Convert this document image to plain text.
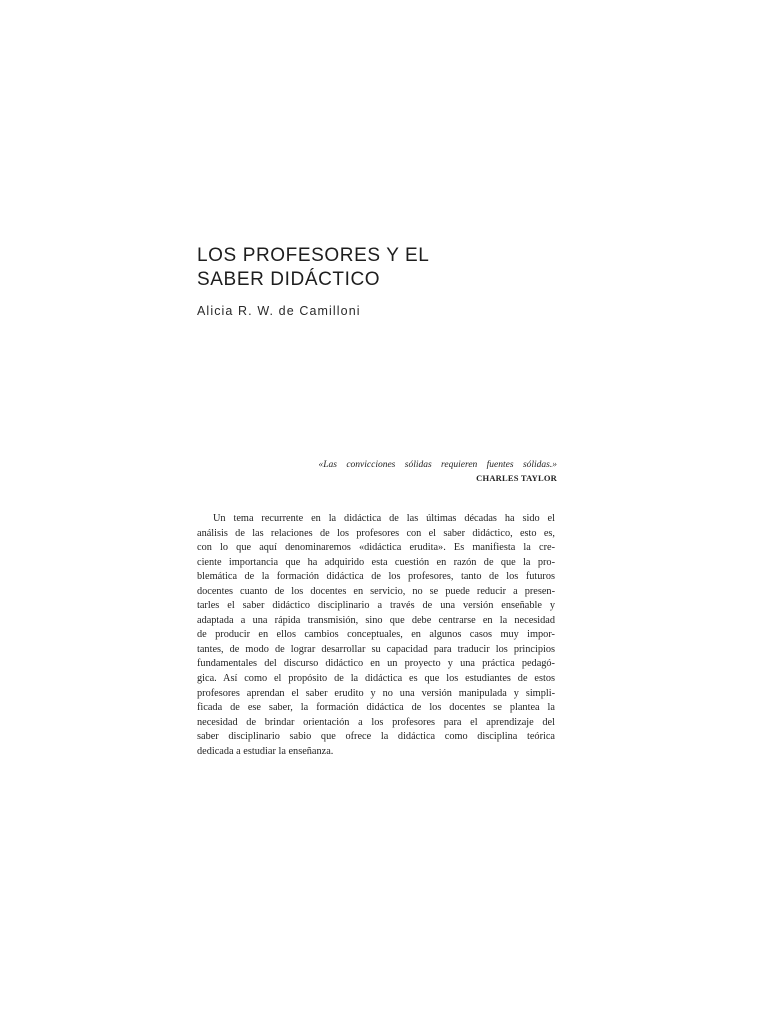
LOS PROFESORES Y EL
SABER DIDÁCTICO
Alicia R. W. de Camilloni
«Las convicciones sólidas requieren fuentes sólidas.»
CHARLES TAYLOR
Un tema recurrente en la didáctica de las últimas décadas ha sido el
análisis de las relaciones de los profesores con el saber didáctico, esto es,
con lo que aquí denominaremos «didáctica erudita». Es manifiesta la cre-
ciente importancia que ha adquirido esta cuestión en razón de que la pro-
blemática de la formación didáctica de los profesores, tanto de los futuros
docentes cuanto de los docentes en servicio, no se puede reducir a presen-
tarles el saber didáctico disciplinario a través de una versión enseñable y
adaptada a una rápida transmisión, sino que debe centrarse en la necesidad
de producir en ellos cambios conceptuales, en algunos casos muy impor-
tantes, de modo de lograr desarrollar su capacidad para traducir los principios
fundamentales del discurso didáctico en un proyecto y una práctica pedagó-
gica. Así como el propósito de la didáctica es que los estudiantes de estos
profesores aprendan el saber erudito y no una versión manipulada y simpli-
ficada de ese saber, la formación didáctica de los docentes se plantea la
necesidad de brindar orientación a los profesores para el aprendizaje del
saber disciplinario sabio que ofrece la didáctica como disciplina teórica
dedicada a estudiar la enseñanza.
